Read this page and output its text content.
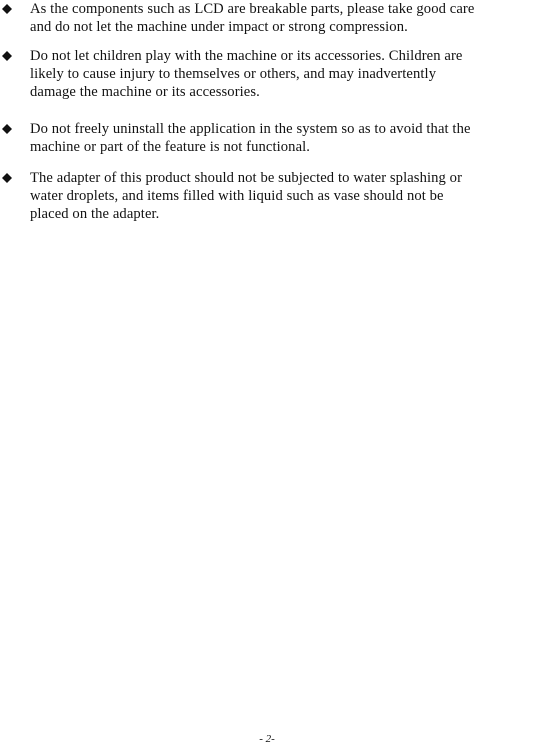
As the components such as LCD are breakable parts, please take good care
and do not let the machine under impact or strong compression.
Do not let children play with the machine or its accessories. Children are
likely to cause injury to themselves or others, and may inadvertently
damage the machine or its accessories.
Do not freely uninstall the application in the system so as to avoid that the
machine or part of the feature is not functional.
The adapter of this product should not be subjected to water splashing or
water droplets, and items filled with liquid such as vase should not be
placed on the adapter.
- 2-
